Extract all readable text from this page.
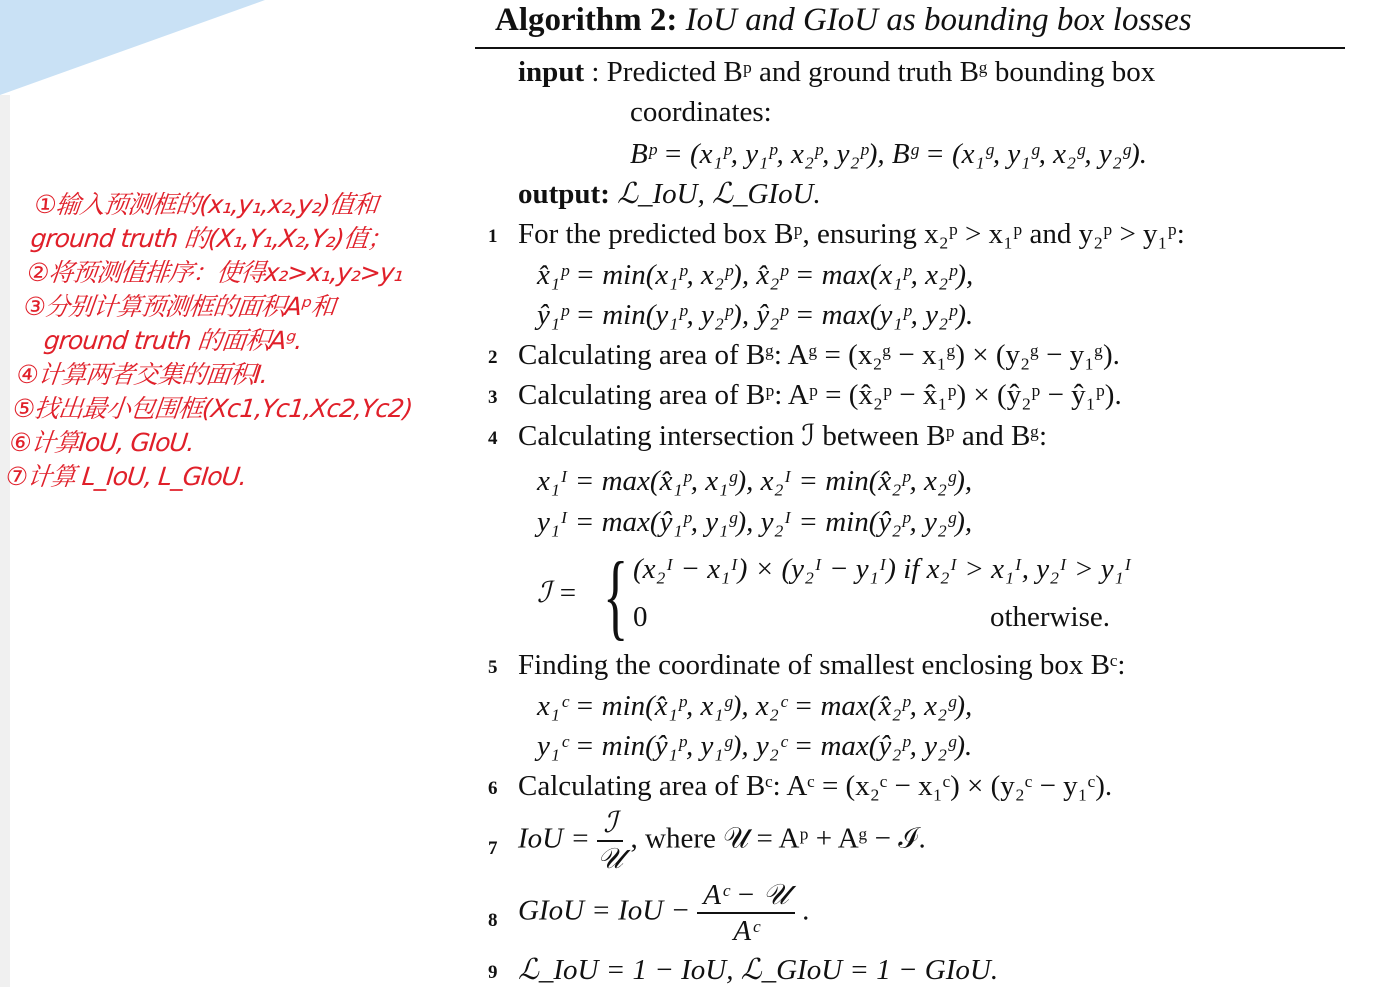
①输入预测框的(x₁,y₁,x₂,y₂)值和
ground truth 的(X₁,Y₁,X₂,Y₂)值；
②将预测值排序：使得x₂>x₁,y₂>y₁
③分别计算预测框的面积Aᵖ和
ground truth 的面积Aᵍ.
④计算两者交集的面积I.
⑤找出最小包围框(Xc1,Yc1,Xc2,Yc2)
⑥计算IoU, GIoU.
⑦计算 L_IoU, L_GIoU.
Algorithm 2: IoU and GIoU as bounding box losses
input : Predicted Bᵖ and ground truth Bᵍ bounding box
coordinates:
Bᵖ = (x₁ᵖ, y₁ᵖ, x₂ᵖ, y₂ᵖ), Bᵍ = (x₁ᵍ, y₁ᵍ, x₂ᵍ, y₂ᵍ).
output: ℒ_IoU, ℒ_GIoU.
1 For the predicted box Bᵖ, ensuring x₂ᵖ > x₁ᵖ and y₂ᵖ > y₁ᵖ:
x̂₁ᵖ = min(x₁ᵖ, x₂ᵖ), x̂₂ᵖ = max(x₁ᵖ, x₂ᵖ),
ŷ₁ᵖ = min(y₁ᵖ, y₂ᵖ), ŷ₂ᵖ = max(y₁ᵖ, y₂ᵖ).
2 Calculating area of Bᵍ: Aᵍ = (x₂ᵍ − x₁ᵍ) × (y₂ᵍ − y₁ᵍ).
3 Calculating area of Bᵖ: Aᵖ = (x̂₂ᵖ − x̂₁ᵖ) × (ŷ₂ᵖ − ŷ₁ᵖ).
4 Calculating intersection ℐ between Bᵖ and Bᵍ:
x₁ᴵ = max(x̂₁ᵖ, x₁ᵍ), x₂ᴵ = min(x̂₂ᵖ, x₂ᵍ),
y₁ᴵ = max(ŷ₁ᵖ, y₁ᵍ), y₂ᴵ = min(ŷ₂ᵖ, y₂ᵍ),
ℐ = { (x₂ᴵ − x₁ᴵ) × (y₂ᴵ − y₁ᴵ) if x₂ᴵ > x₁ᴵ, y₂ᴵ > y₁ᴵ
0	otherwise.
5 Finding the coordinate of smallest enclosing box Bᶜ:
x₁ᶜ = min(x̂₁ᵖ, x₁ᵍ), x₂ᶜ = max(x̂₂ᵖ, x₂ᵍ),
y₁ᶜ = min(ŷ₁ᵖ, y₁ᵍ), y₂ᶜ = max(ŷ₂ᵖ, y₂ᵍ).
6 Calculating area of Bᶜ: Aᶜ = (x₂ᶜ − x₁ᶜ) × (y₂ᶜ − y₁ᶜ).
7 IoU = $\frac{\text{ℐ}}{\text{𝒰}}$ , where 𝒰 = Aᵖ + Aᵍ − ℐ.
8 GIoU = IoU − $\frac{\text{Aᶜ − 𝒰}}{\text{Aᶜ}}$ .
9 ℒ_IoU = 1 − IoU, ℒ_GIoU = 1 − GIoU.
